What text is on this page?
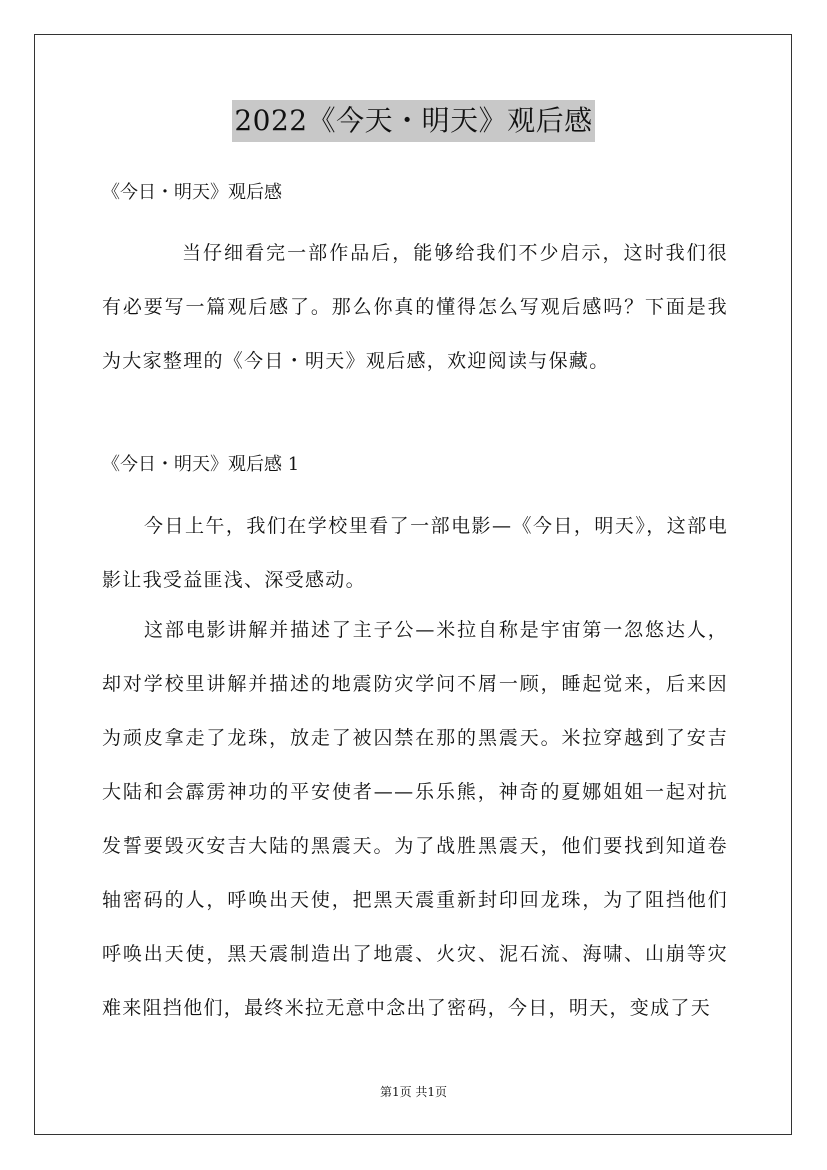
2022《今天・明天》观后感

《今日・明天》观后感

当仔细看完一部作品后，能够给我们不少启示，这时我们很有必要写一篇观后感了。那么你真的懂得怎么写观后感吗？下面是我为大家整理的《今日・明天》观后感，欢迎阅读与保藏。

《今日・明天》观后感 1

今日上午，我们在学校里看了一部电影—《今日，明天》，这部电影让我受益匪浅、深受感动。

这部电影讲解并描述了主子公—米拉自称是宇宙第一忽悠达人，却对学校里讲解并描述的地震防灾学问不屑一顾，睡起觉来，后来因为顽皮拿走了龙珠，放走了被囚禁在那的黑震天。米拉穿越到了安吉大陆和会霹雳神功的平安使者——乐乐熊，神奇的夏娜姐姐一起对抗发誓要毁灭安吉大陆的黑震天。为了战胜黑震天，他们要找到知道卷轴密码的人，呼唤出天使，把黑天震重新封印回龙珠，为了阻挡他们呼唤出天使，黑天震制造出了地震、火灾、泥石流、海啸、山崩等灾难来阻挡他们，最终米拉无意中念出了密码，今日，明天，变成了天

第1页 共1页
